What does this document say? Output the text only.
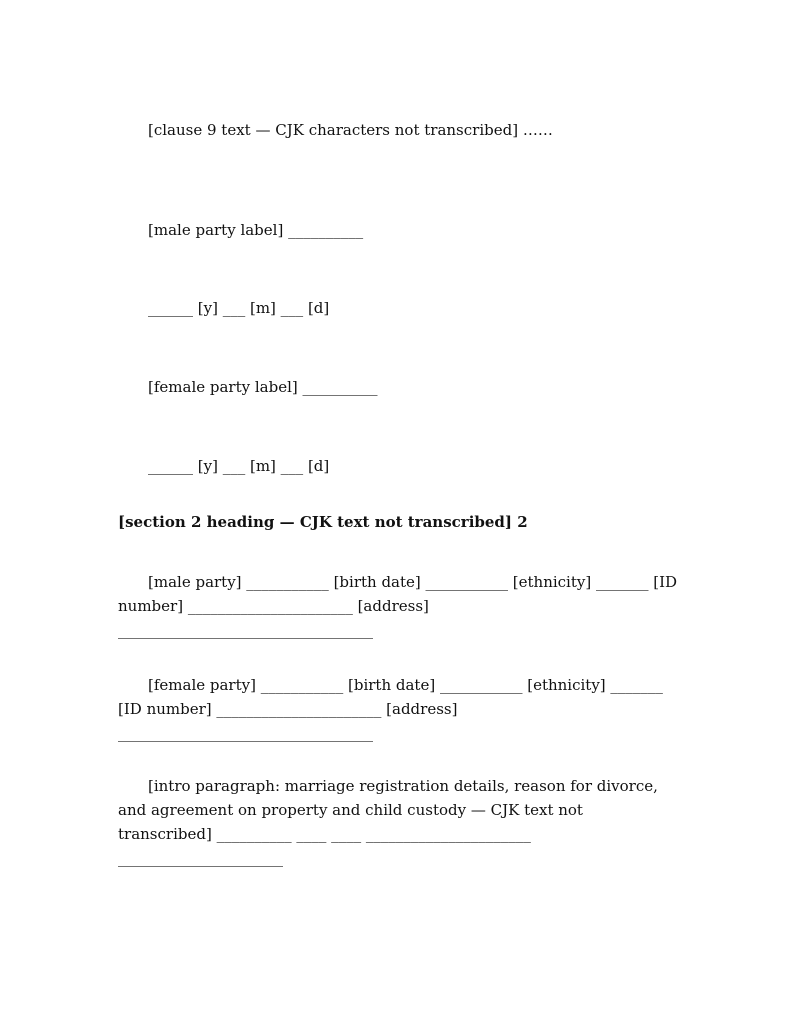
[clause 9 text — CJK characters not transcribed] ……
[male party label] __________
______ [y] ___ [m] ___ [d]
[female party label] __________
______ [y] ___ [m] ___ [d]
[section 2 heading — CJK text not transcribed] 2
[male party] ___________ [birth date] ___________ [ethnicity] _______ [ID number] ______________________ [address] __________________________________
[female party] ___________ [birth date] ___________ [ethnicity] _______ [ID number] ______________________ [address] __________________________________
[intro paragraph: marriage registration details, reason for divorce, and agreement on property and child custody — CJK text not transcribed] __________ ____ ____ ______________________ ______________________
